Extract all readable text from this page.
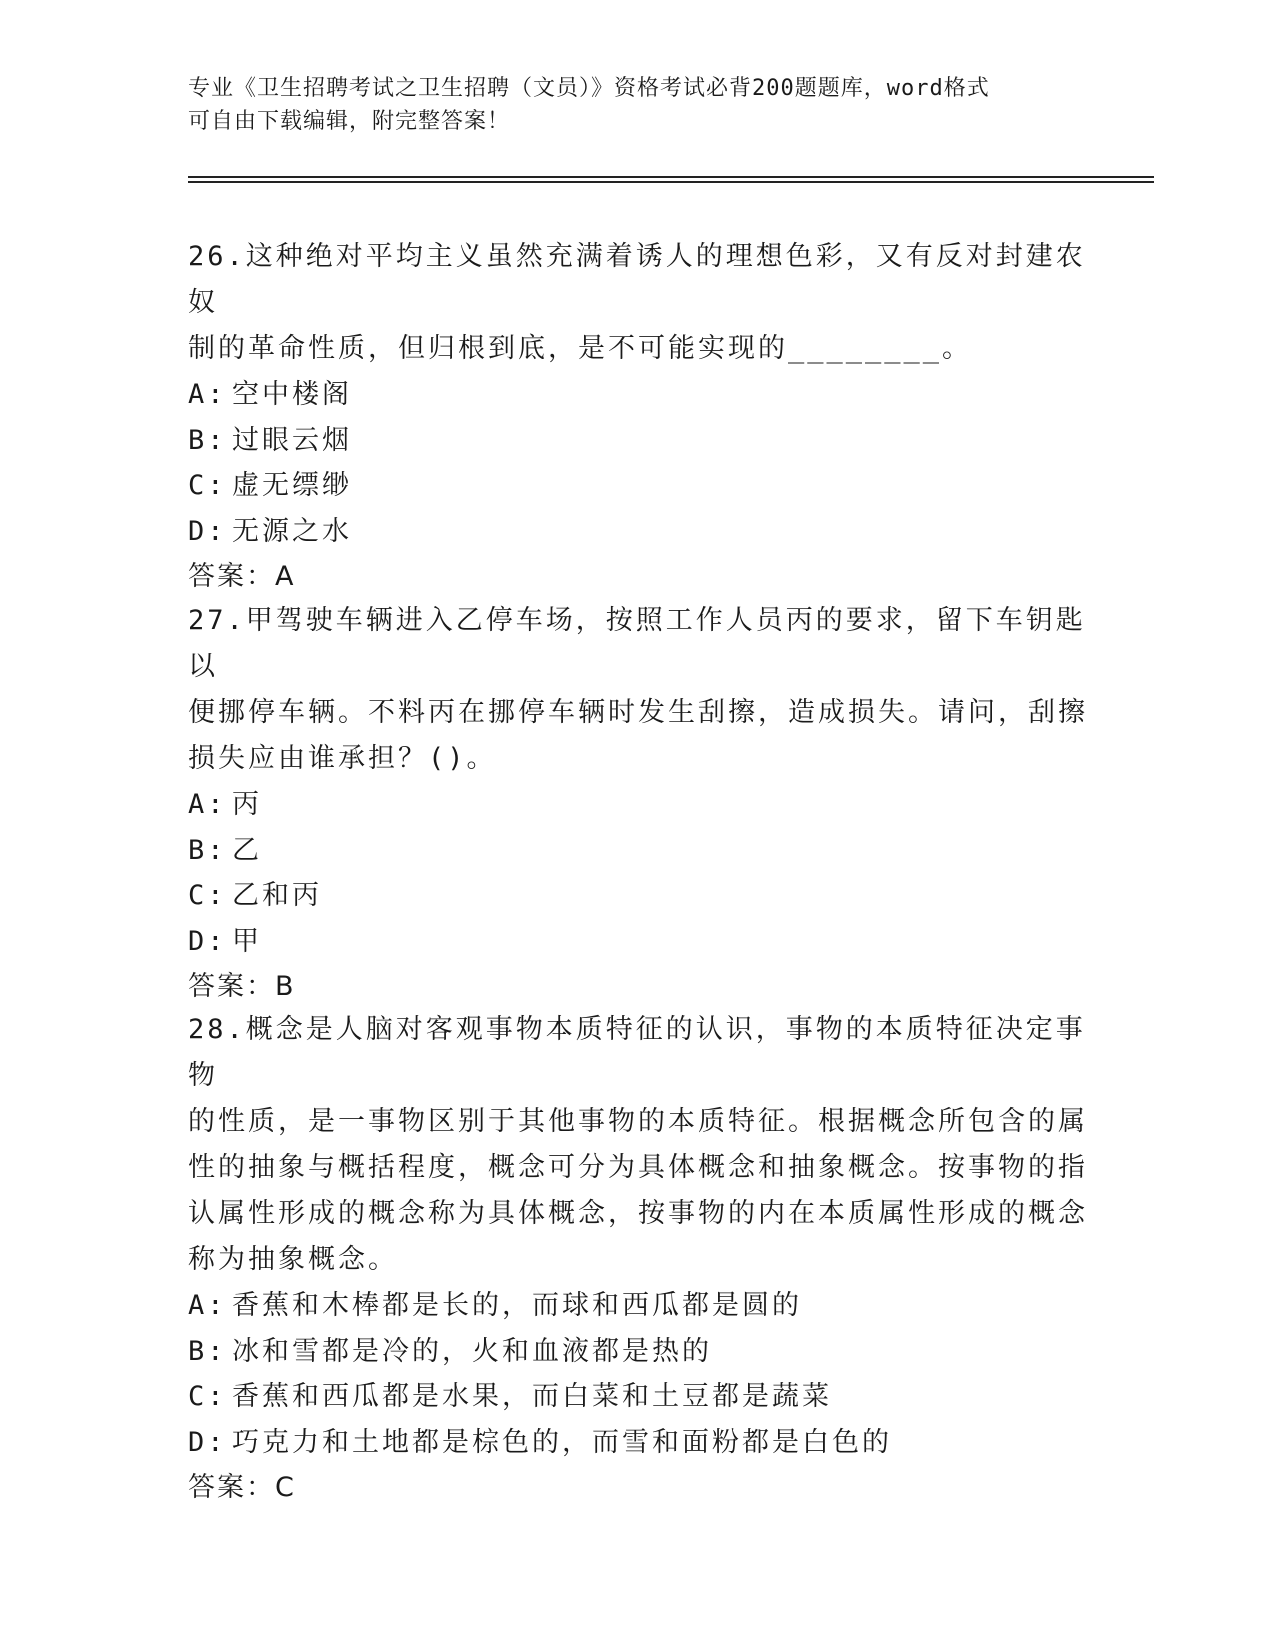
专业《卫生招聘考试之卫生招聘（文员）》资格考试必背200题题库，word格式
可自由下载编辑，附完整答案！
26.这种绝对平均主义虽然充满着诱人的理想色彩，又有反对封建农奴
制的革命性质，但归根到底，是不可能实现的________。
A: 空中楼阁
B: 过眼云烟
C: 虚无缥缈
D: 无源之水
答案：A
27.甲驾驶车辆进入乙停车场，按照工作人员丙的要求，留下车钥匙以
便挪停车辆。不料丙在挪停车辆时发生刮擦，造成损失。请问，刮擦
损失应由谁承担？()。
A: 丙
B: 乙
C: 乙和丙
D: 甲
答案：B
28.概念是人脑对客观事物本质特征的认识，事物的本质特征决定事物
的性质，是一事物区别于其他事物的本质特征。根据概念所包含的属
性的抽象与概括程度，概念可分为具体概念和抽象概念。按事物的指
认属性形成的概念称为具体概念，按事物的内在本质属性形成的概念
称为抽象概念。
A: 香蕉和木棒都是长的，而球和西瓜都是圆的
B: 冰和雪都是冷的，火和血液都是热的
C: 香蕉和西瓜都是水果，而白菜和土豆都是蔬菜
D: 巧克力和土地都是棕色的，而雪和面粉都是白色的
答案：C
